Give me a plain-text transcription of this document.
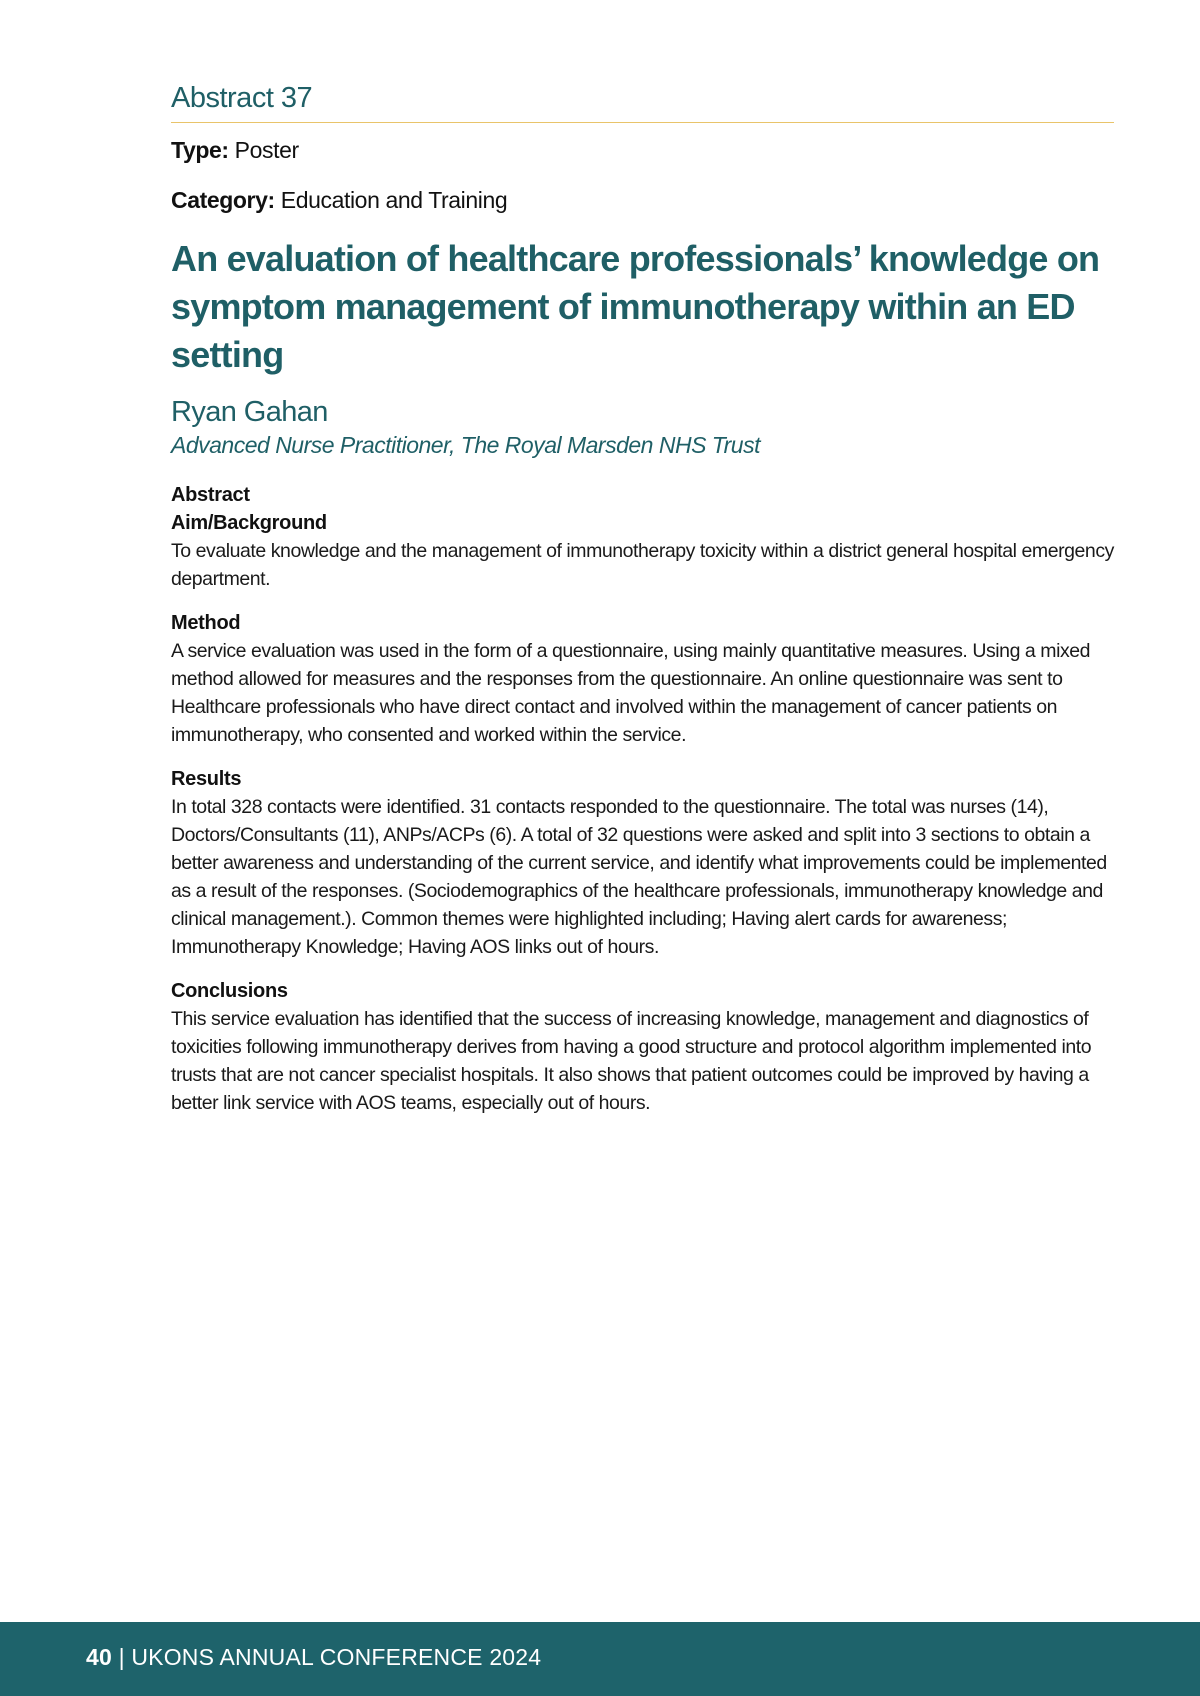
Abstract 37
Type: Poster
Category: Education and Training
An evaluation of healthcare professionals’ knowledge on symptom management of immunotherapy within an ED setting
Ryan Gahan
Advanced Nurse Practitioner, The Royal Marsden NHS Trust
Abstract
Aim/Background

To evaluate knowledge and the management of immunotherapy toxicity within a district general hospital emergency department.

Method

A service evaluation was used in the form of a questionnaire, using mainly quantitative measures. Using a mixed method allowed for measures and the responses from the questionnaire. An online questionnaire was sent to Healthcare professionals who have direct contact and involved within the management of cancer patients on immunotherapy, who consented and worked within the service.

Results

In total 328 contacts were identified. 31 contacts responded to the questionnaire. The total was nurses (14), Doctors/Consultants (11), ANPs/ACPs (6). A total of 32 questions were asked and split into 3 sections to obtain a better awareness and understanding of the current service, and identify what improvements could be implemented as a result of the responses. (Sociodemographics of the healthcare professionals, immunotherapy knowledge and clinical management.). Common themes were highlighted including; Having alert cards for awareness; Immunotherapy Knowledge; Having AOS links out of hours.

Conclusions

This service evaluation has identified that the success of increasing knowledge, management and diagnostics of toxicities following immunotherapy derives from having a good structure and protocol algorithm implemented into trusts that are not cancer specialist hospitals. It also shows that patient outcomes could be improved by having a better link service with AOS teams, especially out of hours.

40 | UKONS ANNUAL CONFERENCE 2024
